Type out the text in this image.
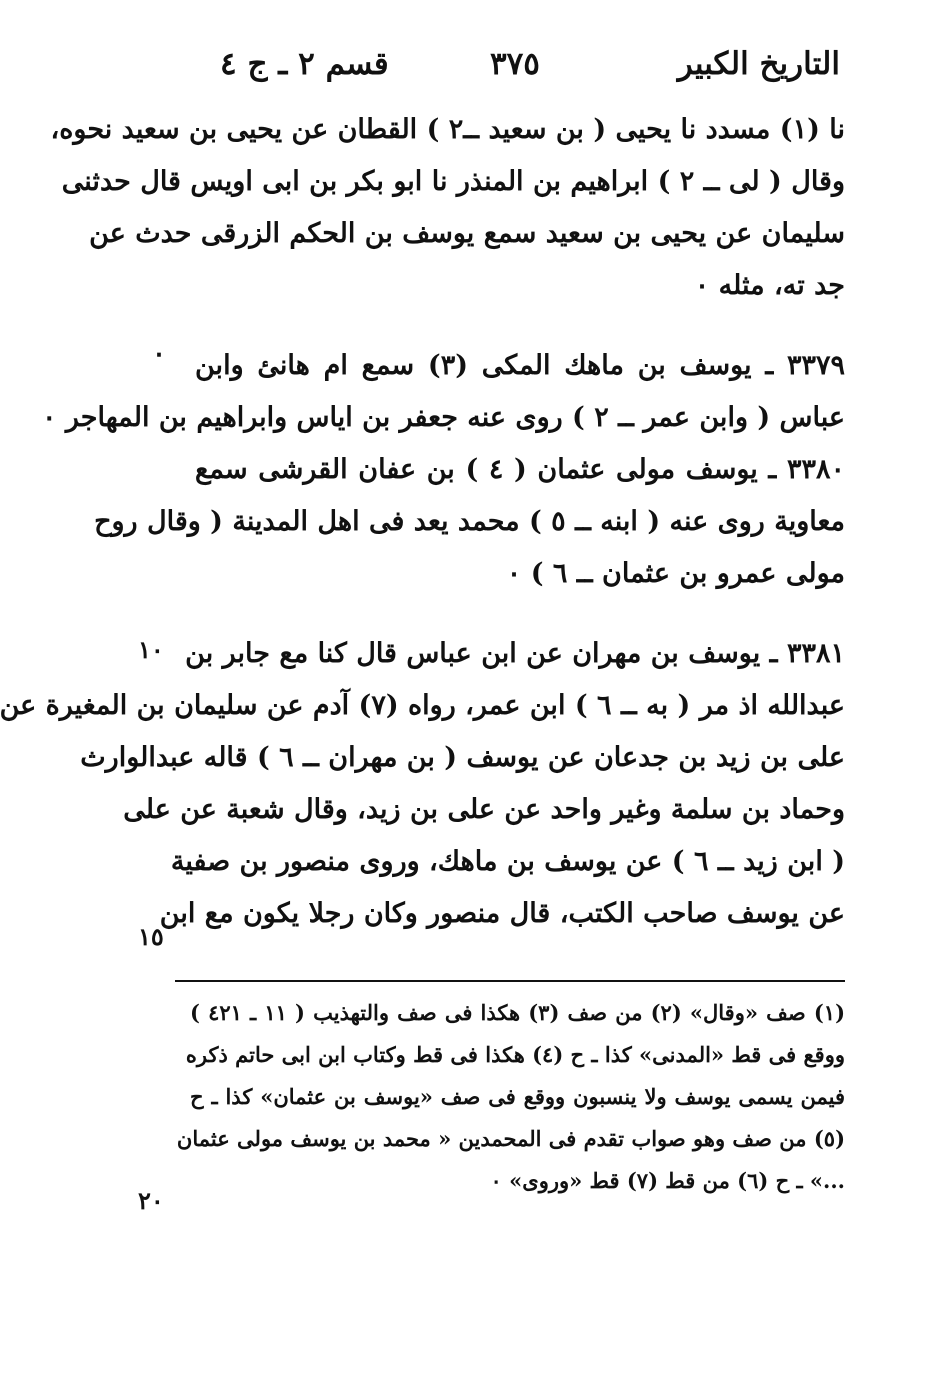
التاريخ الكبير
٣٧٥
قسم ٢ ـ ج ٤
نا (١) مسدد نا يحيى ( بن سعيد ــ٢ ) القطان عن يحيى بن سعيد نحوه،
وقال ( لى ــ ٢ ) ابراهيم بن المنذر نا ابو بكر بن ابى اويس قال حدثنى
سليمان عن يحيى بن سعيد سمع يوسف بن الحكم الزرقى حدث عن
جد ته، مثله ٠
٣٣٧٩ ـ يوسف بن ماهك المكى (٣) سمع ام هانئ وابن
عباس ( وابن عمر ــ ٢ ) روى عنه جعفر بن اياس وابراهيم بن المهاجر ٠
٣٣٨٠ ـ يوسف مولى عثمان ( ٤ ) بن عفان القرشى سمع
معاوية روى عنه ( ابنه ــ ٥ ) محمد يعد فى اهل المدينة ( وقال روح
مولى عمرو بن عثمان ــ ٦ ) ٠
٣٣٨١ ـ يوسف بن مهران عن ابن عباس قال كنا مع جابر بن
عبدالله اذ مر ( به ــ ٦ ) ابن عمر، رواه (٧) آدم عن سليمان بن المغيرة عن
على بن زيد بن جدعان عن يوسف ( بن مهران ــ ٦ ) قاله عبدالوارث
وحماد بن سلمة وغير واحد عن على بن زيد، وقال شعبة عن على
( ابن زيد ــ ٦ ) عن يوسف بن ماهك، وروى منصور بن صفية
عن يوسف صاحب الكتب، قال منصور وكان رجلا يكون مع ابن
٠
١٠
١٥
٢٠
(١) صف «وقال» (٢) من صف (٣) هكذا فى صف والتهذيب ( ١١ ـ ٤٢١ )
ووقع فى قط «المدنى» كذا ـ ح (٤) هكذا فى قط وكتاب ابن ابى حاتم ذكره
فيمن يسمى يوسف ولا ينسبون ووقع فى صف «يوسف بن عثمان» كذا ـ ح
(٥) من صف وهو صواب تقدم فى المحمدين « محمد بن يوسف مولى عثمان
...» ـ ح (٦) من قط (٧) قط «وروى» ٠
